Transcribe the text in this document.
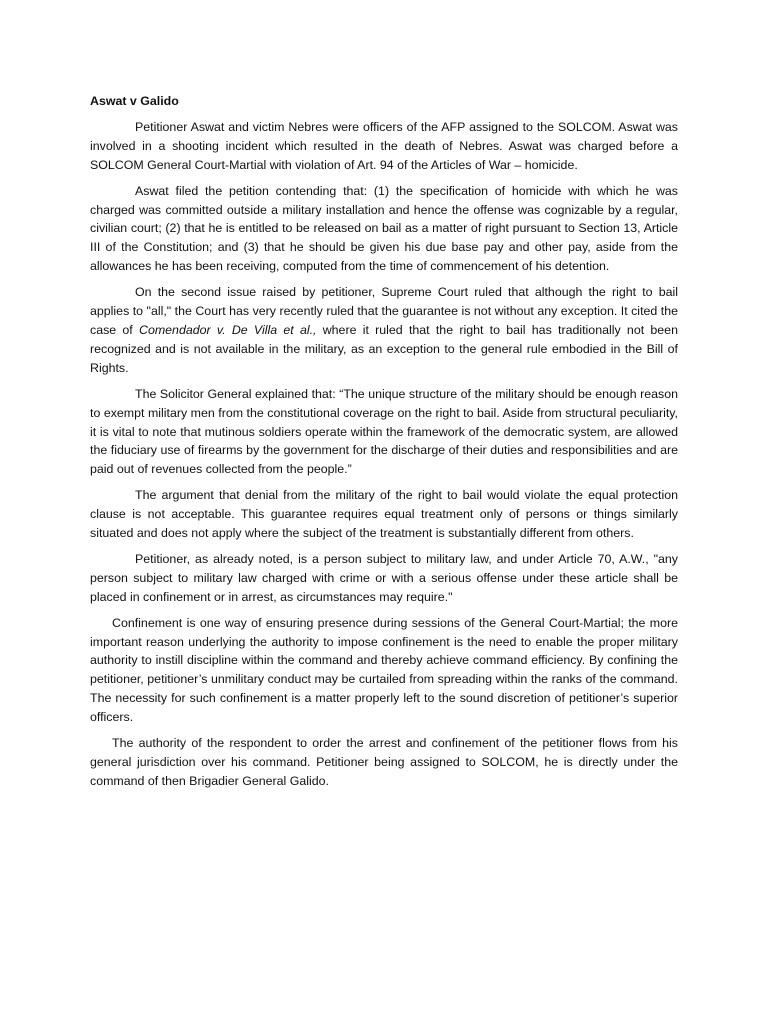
Aswat v Galido

Petitioner Aswat and victim Nebres were officers of the AFP assigned to the SOLCOM. Aswat was involved in a shooting incident which resulted in the death of Nebres. Aswat was charged before a SOLCOM General Court-Martial with violation of Art. 94 of the Articles of War – homicide.

Aswat filed the petition contending that: (1) the specification of homicide with which he was charged was committed outside a military installation and hence the offense was cognizable by a regular, civilian court; (2) that he is entitled to be released on bail as a matter of right pursuant to Section 13, Article III of the Constitution; and (3) that he should be given his due base pay and other pay, aside from the allowances he has been receiving, computed from the time of commencement of his detention.

On the second issue raised by petitioner, Supreme Court ruled that although the right to bail applies to "all," the Court has very recently ruled that the guarantee is not without any exception. It cited the case of Comendador v. De Villa et al., where it ruled that the right to bail has traditionally not been recognized and is not available in the military, as an exception to the general rule embodied in the Bill of Rights.

The Solicitor General explained that: “The unique structure of the military should be enough reason to exempt military men from the constitutional coverage on the right to bail. Aside from structural peculiarity, it is vital to note that mutinous soldiers operate within the framework of the democratic system, are allowed the fiduciary use of firearms by the government for the discharge of their duties and responsibilities and are paid out of revenues collected from the people.”

The argument that denial from the military of the right to bail would violate the equal protection clause is not acceptable. This guarantee requires equal treatment only of persons or things similarly situated and does not apply where the subject of the treatment is substantially different from others.

Petitioner, as already noted, is a person subject to military law, and under Article 70, A.W., "any person subject to military law charged with crime or with a serious offense under these article shall be placed in confinement or in arrest, as circumstances may require."

Confinement is one way of ensuring presence during sessions of the General Court-Martial; the more important reason underlying the authority to impose confinement is the need to enable the proper military authority to instill discipline within the command and thereby achieve command efficiency. By confining the petitioner, petitioner’s unmilitary conduct may be curtailed from spreading within the ranks of the command. The necessity for such confinement is a matter properly left to the sound discretion of petitioner’s superior officers.

The authority of the respondent to order the arrest and confinement of the petitioner flows from his general jurisdiction over his command. Petitioner being assigned to SOLCOM, he is directly under the command of then Brigadier General Galido.
